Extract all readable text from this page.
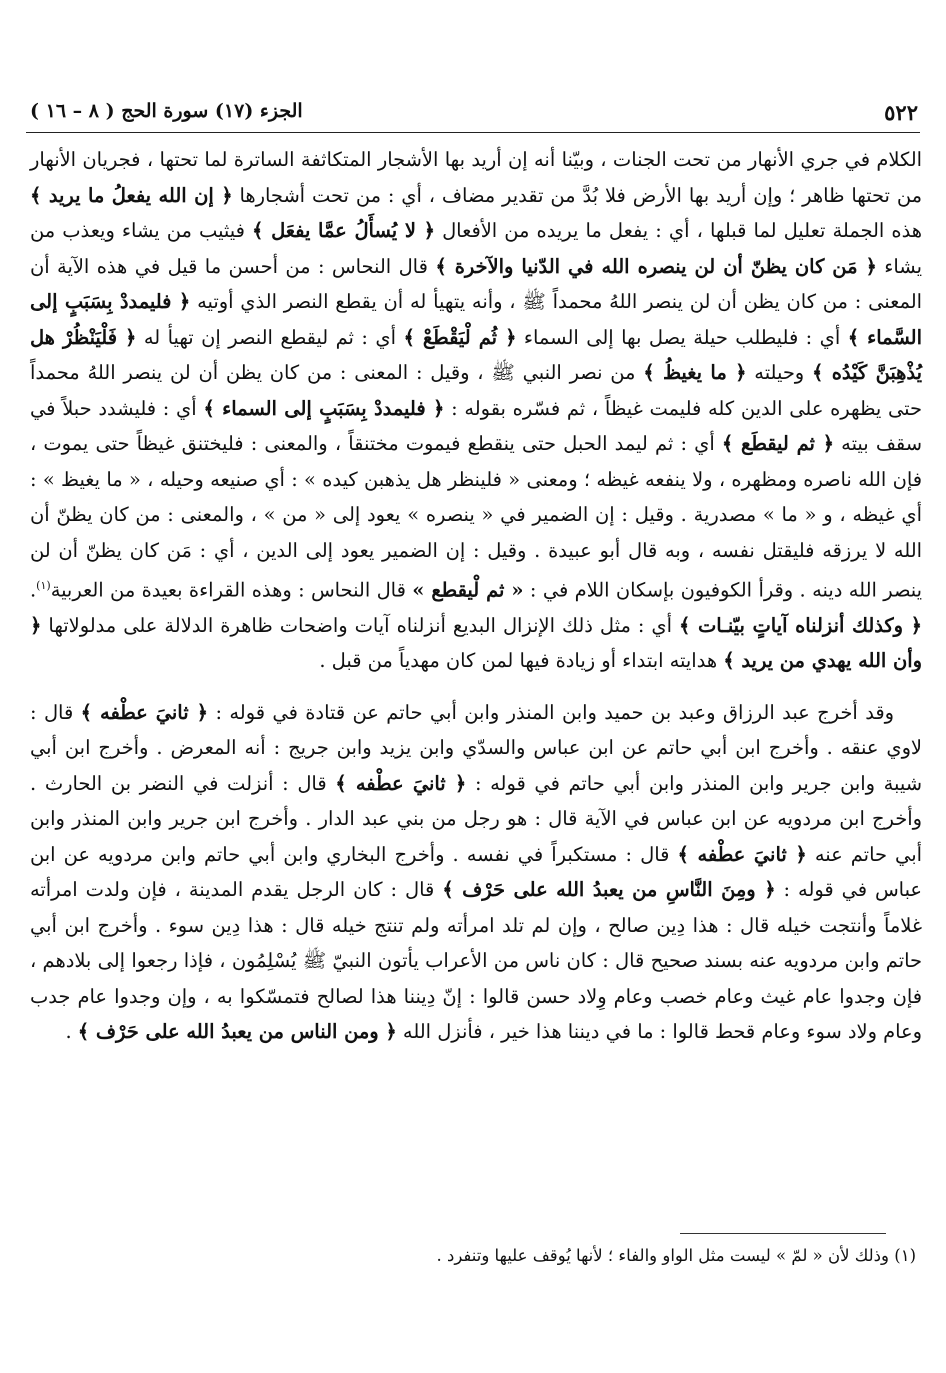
٥٢٢
الجزء (١٧) سورة الحج ( ٨ – ١٦ )

الكلام في جري الأنهار من تحت الجنات ، وبيّنا أنه إن أريد بها الأشجار المتكاثفة الساترة لما تحتها ، فجريان الأنهار من تحتها ظاهر ؛ وإن أريد بها الأرض فلا بُدَّ من تقدير مضاف ، أي : من تحت أشجارها ﴿ إن الله يفعلُ ما يريد ﴾ هذه الجملة تعليل لما قبلها ، أي : يفعل ما يريده من الأفعال ﴿ لا يُسأَلُ عمَّا يفعَل ﴾ فيثيب من يشاء ويعذب من يشاء ﴿ مَن كان يظنّ أن لن ينصره الله في الدّنيا والآخرة ﴾ قال النحاس : من أحسن ما قيل في هذه الآية أن المعنى : من كان يظن أن لن ينصر اللهُ محمداً ﷺ ، وأنه يتهيأ له أن يقطع النصر الذي أوتيه ﴿ فليمددْ بِسَبَبٍ إلى السَّماء ﴾ أي : فليطلب حيلة يصل بها إلى السماء ﴿ ثُم لْيَقْطَعْ ﴾ أي : ثم ليقطع النصر إن تهيأ له ﴿ فَلْيَنْظُرْ هل يُذْهِبَنَّ كَيْدُه ﴾ وحيلته ﴿ ما يغيظُ ﴾ من نصر النبي ﷺ ، وقيل : المعنى : من كان يظن أن لن ينصر اللهُ محمداً حتى يظهره على الدين كله فليمت غيظاً ، ثم فسّره بقوله : ﴿ فليمددْ بِسَبَبٍ إلى السماء ﴾ أي : فليشدد حبلاً في سقف بيته ﴿ ثم ليقطَع ﴾ أي : ثم ليمد الحبل حتى ينقطع فيموت مختنقاً ، والمعنى : فليختنق غيظاً حتى يموت ، فإن الله ناصره ومظهره ، ولا ينفعه غيظه ؛ ومعنى « فلينظر هل يذهبن كيده » : أي صنيعه وحيله ، « ما يغيظ » : أي غيظه ، و « ما » مصدرية . وقيل : إن الضمير في « ينصره » يعود إلى « من » ، والمعنى : من كان يظنّ أن الله لا يرزقه فليقتل نفسه ، وبه قال أبو عبيدة . وقيل : إن الضمير يعود إلى الدين ، أي : مَن كان يظنّ أن لن ينصر الله دينه . وقرأ الكوفيون بإسكان اللام في : « ثم لْيقطع » قال النحاس : وهذه القراءة بعيدة من العربية$^{(١)}$. ﴿ وكذلك أنزلناه آياتٍ بيّنـات ﴾ أي : مثل ذلك الإنزال البديع أنزلناه آيات واضحات ظاهرة الدلالة على مدلولاتها ﴿ وأن الله يهدي من يريد ﴾ هدايته ابتداء أو زيادة فيها لمن كان مهدياً من قبل .

وقد أخرج عبد الرزاق وعبد بن حميد وابن المنذر وابن أبي حاتم عن قتادة في قوله : ﴿ ثانيَ عطْفه ﴾ قال : لاوي عنقه . وأخرج ابن أبي حاتم عن ابن عباس والسدّي وابن يزيد وابن جريج : أنه المعرض . وأخرج ابن أبي شيبة وابن جرير وابن المنذر وابن أبي حاتم في قوله : ﴿ ثانيَ عطْفه ﴾ قال : أنزلت في النضر بن الحارث . وأخرج ابن مردويه عن ابن عباس في الآية قال : هو رجل من بني عبد الدار . وأخرج ابن جرير وابن المنذر وابن أبي حاتم عنه ﴿ ثانيَ عطْفه ﴾ قال : مستكبراً في نفسه . وأخرج البخاري وابن أبي حاتم وابن مردويه عن ابن عباس في قوله : ﴿ ومِنَ النَّاسِ من يعبدُ الله على حَرْف ﴾ قال : كان الرجل يقدم المدينة ، فإن ولدت امرأته غلاماً وأنتجت خيله قال : هذا دِين صالح ، وإن لم تلد امرأته ولم تنتج خيله قال : هذا دِين سوء . وأخرج ابن أبي حاتم وابن مردويه عنه بسند صحيح قال : كان ناس من الأعراب يأتون النبيّ ﷺ يُسْلِمُون ، فإذا رجعوا إلى بلادهم ، فإن وجدوا عام غيث وعام خصب وعام وِلاد حسن قالوا : إنّ دِيننا هذا لصالح فتمسّكوا به ، وإن وجدوا عام جدب وعام ولاد سوء وعام قحط قالوا : ما في ديننا هذا خير ، فأنزل الله ﴿ ومن الناس من يعبدُ الله على حَرْف ﴾ .

(١) وذلك لأن « لمّ » ليست مثل الواو والفاء ؛ لأنها يُوقف عليها وتنفرد .
